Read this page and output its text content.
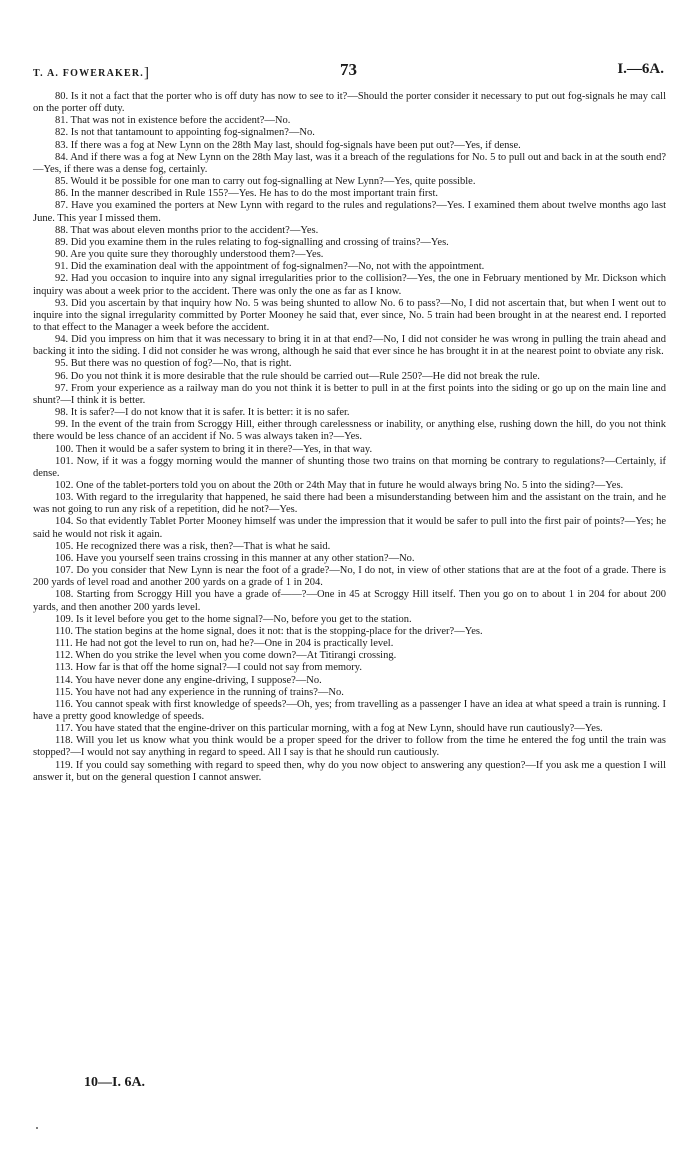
T. A. FOWERAKER.]	73	I.—6A.

80. Is it not a fact that the porter who is off duty has now to see to it?—Should the porter consider it necessary to put out fog-signals he may call on the porter off duty.

81. That was not in existence before the accident?—No.

82. Is not that tantamount to appointing fog-signalmen?—No.

83. If there was a fog at New Lynn on the 28th May last, should fog-signals have been put out?—Yes, if dense.

84. And if there was a fog at New Lynn on the 28th May last, was it a breach of the regulations for No. 5 to pull out and back in at the south end?—Yes, if there was a dense fog, certainly.

85. Would it be possible for one man to carry out fog-signalling at New Lynn?—Yes, quite possible.

86. In the manner described in Rule 155?—Yes. He has to do the most important train first.

87. Have you examined the porters at New Lynn with regard to the rules and regulations?—Yes. I examined them about twelve months ago last June. This year I missed them.

88. That was about eleven months prior to the accident?—Yes.

89. Did you examine them in the rules relating to fog-signalling and crossing of trains?—Yes.

90. Are you quite sure they thoroughly understood them?—Yes.

91. Did the examination deal with the appointment of fog-signalmen?—No, not with the appointment.

92. Had you occasion to inquire into any signal irregularities prior to the collision?—Yes, the one in February mentioned by Mr. Dickson which inquiry was about a week prior to the accident. There was only the one as far as I know.

93. Did you ascertain by that inquiry how No. 5 was being shunted to allow No. 6 to pass?—No, I did not ascertain that, but when I went out to inquire into the signal irregularity committed by Porter Mooney he said that, ever since, No. 5 train had been brought in at the nearest end. I reported to that effect to the Manager a week before the accident.

94. Did you impress on him that it was necessary to bring it in at that end?—No, I did not consider he was wrong in pulling the train ahead and backing it into the siding. I did not consider he was wrong, although he said that ever since he has brought it in at the nearest point to obviate any risk.

95. But there was no question of fog?—No, that is right.

96. Do you not think it is more desirable that the rule should be carried out—Rule 250?—He did not break the rule.

97. From your experience as a railway man do you not think it is better to pull in at the first points into the siding or go up on the main line and shunt?—I think it is better.

98. It is safer?—I do not know that it is safer. It is better: it is no safer.

99. In the event of the train from Scroggy Hill, either through carelessness or inability, or anything else, rushing down the hill, do you not think there would be less chance of an accident if No. 5 was always taken in?—Yes.

100. Then it would be a safer system to bring it in there?—Yes, in that way.

101. Now, if it was a foggy morning would the manner of shunting those two trains on that morning be contrary to regulations?—Certainly, if dense.

102. One of the tablet-porters told you on about the 20th or 24th May that in future he would always bring No. 5 into the siding?—Yes.

103. With regard to the irregularity that happened, he said there had been a misunderstanding between him and the assistant on the train, and he was not going to run any risk of a repetition, did he not?—Yes.

104. So that evidently Tablet Porter Mooney himself was under the impression that it would be safer to pull into the first pair of points?—Yes; he said he would not risk it again.

105. He recognized there was a risk, then?—That is what he said.

106. Have you yourself seen trains crossing in this manner at any other station?—No.

107. Do you consider that New Lynn is near the foot of a grade?—No, I do not, in view of other stations that are at the foot of a grade. There is 200 yards of level road and another 200 yards on a grade of 1 in 204.

108. Starting from Scroggy Hill you have a grade of——?—One in 45 at Scroggy Hill itself. Then you go on to about 1 in 204 for about 200 yards, and then another 200 yards level.

109. Is it level before you get to the home signal?—No, before you get to the station.

110. The station begins at the home signal, does it not: that is the stopping-place for the driver?—Yes.

111. He had not got the level to run on, had he?—One in 204 is practically level.

112. When do you strike the level when you come down?—At Titirangi crossing.

113. How far is that off the home signal?—I could not say from memory.

114. You have never done any engine-driving, I suppose?—No.

115. You have not had any experience in the running of trains?—No.

116. You cannot speak with first knowledge of speeds?—Oh, yes; from travelling as a passenger I have an idea at what speed a train is running. I have a pretty good knowledge of speeds.

117. You have stated that the engine-driver on this particular morning, with a fog at New Lynn, should have run cautiously?—Yes.

118. Will you let us know what you think would be a proper speed for the driver to follow from the time he entered the fog until the train was stopped?—I would not say anything in regard to speed. All I say is that he should run cautiously.

119. If you could say something with regard to speed then, why do you now object to answering any question?—If you ask me a question I will answer it, but on the general question I cannot answer.

10—I. 6A.
